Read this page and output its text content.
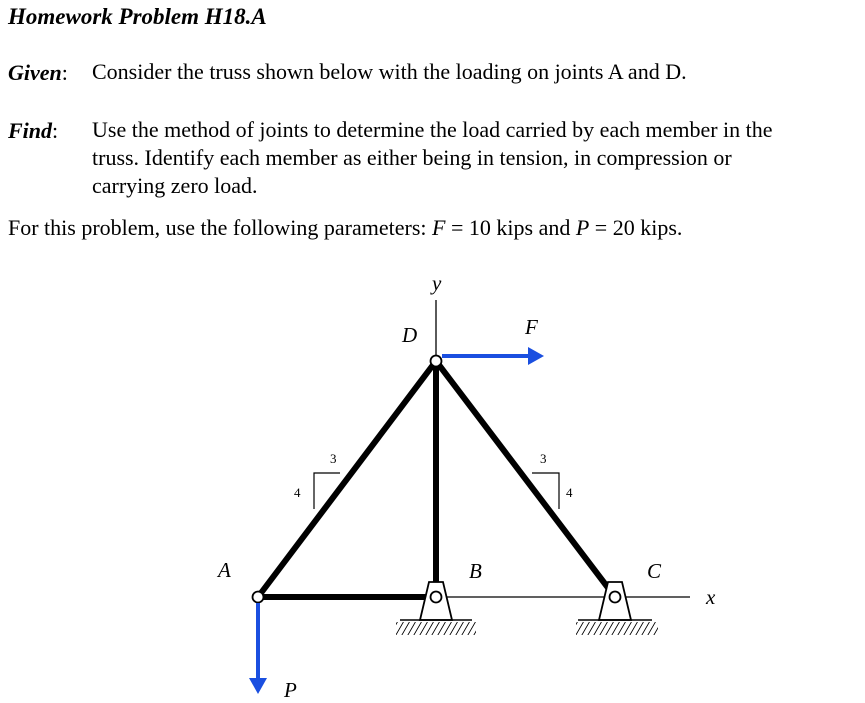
Homework Problem H18.A
Given: Consider the truss shown below with the loading on joints A and D.
Find: Use the method of joints to determine the load carried by each member in the
truss. Identify each member as either being in tension, in compression or
carrying zero load.
For this problem, use the following parameters: F = 10 kips and P = 20 kips.
y
x
3
4
3
4
F
P
D
A	B	C
